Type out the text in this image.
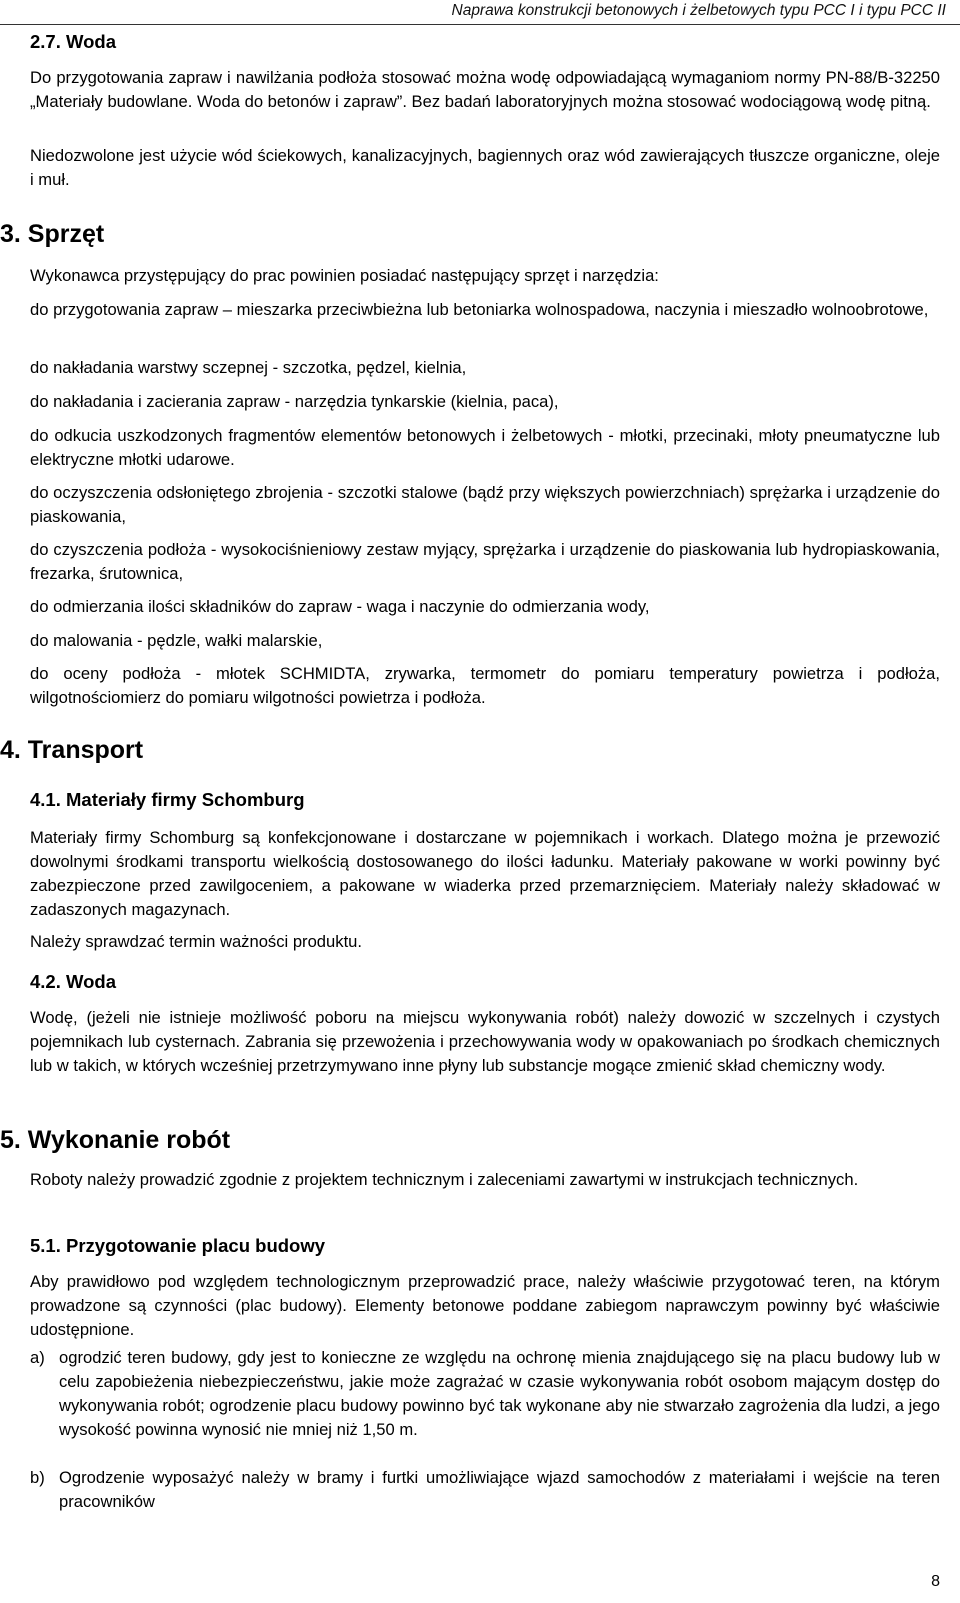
Naprawa konstrukcji betonowych i żelbetowych typu PCC I i typu PCC II
2.7. Woda

Do przygotowania zapraw i nawilżania podłoża stosować można wodę odpowiadającą wymaganiom normy PN-88/B-32250 „Materiały budowlane. Woda do betonów i zapraw”. Bez badań laboratoryjnych można stosować wodociągową wodę pitną.

Niedozwolone jest użycie wód ściekowych, kanalizacyjnych, bagiennych oraz wód zawierających tłuszcze organiczne, oleje i muł.

3. Sprzęt

Wykonawca przystępujący do prac powinien posiadać następujący sprzęt i narzędzia:

do przygotowania zapraw – mieszarka przeciwbieżna lub betoniarka wolnospadowa, naczynia i mieszadło wolnoobrotowe,

do nakładania warstwy sczepnej - szczotka, pędzel, kielnia,

do nakładania i zacierania zapraw - narzędzia tynkarskie (kielnia, paca),

do odkucia uszkodzonych fragmentów elementów betonowych i żelbetowych - młotki, przecinaki, młoty pneumatyczne lub elektryczne młotki udarowe.

do oczyszczenia odsłoniętego zbrojenia - szczotki stalowe (bądź przy większych powierzchniach) sprężarka i urządzenie do piaskowania,

do czyszczenia podłoża - wysokociśnieniowy zestaw myjący, sprężarka i urządzenie do piaskowania lub hydropiaskowania, frezarka, śrutownica,

do odmierzania ilości składników do zapraw - waga i naczynie do odmierzania wody,

do malowania - pędzle, wałki malarskie,

do oceny podłoża - młotek SCHMIDTA, zrywarka, termometr do pomiaru temperatury powietrza i podłoża, wilgotnościomierz do pomiaru wilgotności powietrza i podłoża.

4. Transport
4.1. Materiały firmy Schomburg

Materiały firmy Schomburg są konfekcjonowane i dostarczane w pojemnikach i workach. Dlatego można je przewozić dowolnymi środkami transportu wielkością dostosowanego do ilości ładunku. Materiały pakowane w worki powinny być zabezpieczone przed zawilgoceniem, a pakowane w wiaderka przed przemarznięciem. Materiały należy składować w zadaszonych magazynach.

Należy sprawdzać termin ważności produktu.

4.2. Woda

Wodę, (jeżeli nie istnieje możliwość poboru na miejscu wykonywania robót) należy dowozić w szczelnych i czystych pojemnikach lub cysternach. Zabrania się przewożenia i przechowywania wody w opakowaniach po środkach chemicznych lub w takich, w których wcześniej przetrzymywano inne płyny lub substancje mogące zmienić skład chemiczny wody.

5. Wykonanie robót

Roboty należy prowadzić zgodnie z projektem technicznym i zaleceniami zawartymi w instrukcjach technicznych.

5.1. Przygotowanie placu budowy

Aby prawidłowo pod względem technologicznym przeprowadzić prace, należy właściwie przygotować teren, na którym prowadzone są czynności (plac budowy). Elementy betonowe poddane zabiegom naprawczym powinny być właściwie udostępnione.

a) ogrodzić teren budowy, gdy jest to konieczne ze względu na ochronę mienia znajdującego się na placu budowy lub w celu zapobieżenia niebezpieczeństwu, jakie może zagrażać w czasie wykonywania robót osobom mającym dostęp do wykonywania robót; ogrodzenie placu budowy powinno być tak wykonane aby nie stwarzało zagrożenia dla ludzi, a jego wysokość powinna wynosić nie mniej niż 1,50 m.

b) Ogrodzenie wyposażyć należy w bramy i furtki umożliwiające wjazd samochodów z materiałami i wejście na teren pracowników

8
